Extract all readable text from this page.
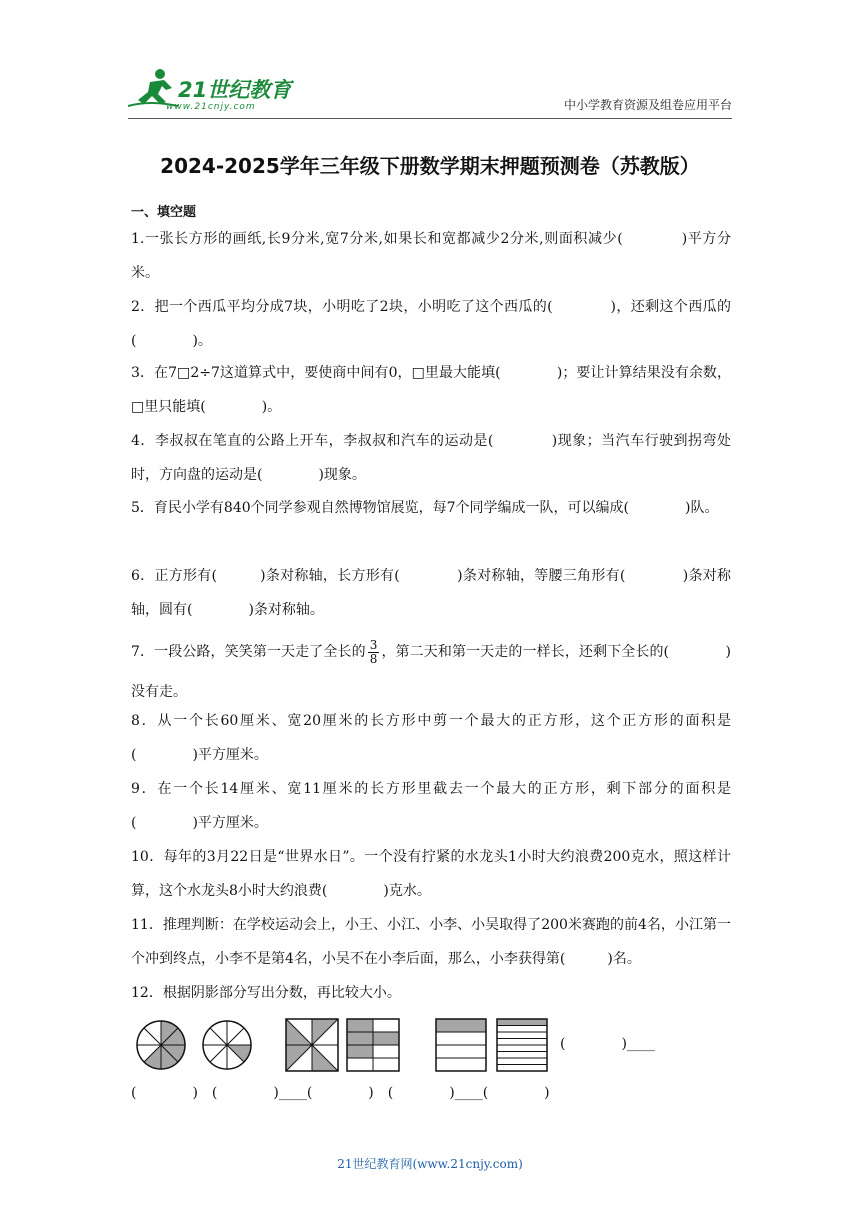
21世纪教育
www.21cnjy.com	中小学教育资源及组卷应用平台
2024-2025学年三年级下册数学期末押题预测卷（苏教版）
一、填空题
1.一张长方形的画纸,长9分米,宽7分米,如果长和宽都减少2分米,则面积减少(　　　　)平方分米。
2．把一个西瓜平均分成7块，小明吃了2块，小明吃了这个西瓜的(　　　　)，还剩这个西瓜的(　　　　)。
3．在7□2÷7这道算式中，要使商中间有0，□里最大能填(　　　　)；要让计算结果没有余数，□里只能填(　　　　)。
4．李叔叔在笔直的公路上开车，李叔叔和汽车的运动是(　　　　)现象；当汽车行驶到拐弯处时，方向盘的运动是(　　　　)现象。
5．育民小学有840个同学参观自然博物馆展览，每7个同学编成一队，可以编成(　　　　)队。
6．正方形有(　　　)条对称轴，长方形有(　　　　)条对称轴，等腰三角形有(　　　　)条对称轴，圆有(　　　　)条对称轴。
7．一段公路，笑笑第一天走了全长的 $\frac{3}{8}$ ，第二天和第一天走的一样长，还剩下全长的(　　　　)没有走。
8．从一个长60厘米、宽20厘米的长方形中剪一个最大的正方形，这个正方形的面积是(　　　　)平方厘米。
9．在一个长14厘米、宽11厘米的长方形里截去一个最大的正方形，剩下部分的面积是(　　　　)平方厘米。
10．每年的3月22日是“世界水日”。一个没有拧紧的水龙头1小时大约浪费200克水，照这样计算，这个水龙头8小时大约浪费(　　　　)克水。
11．推理判断：在学校运动会上，小王、小江、小李、小吴取得了200米赛跑的前4名，小江第一个冲到终点，小李不是第4名，小吴不在小李后面，那么，小李获得第(　　　)名。
12．根据阴影部分写出分数，再比较大小。
(　　　　)____
(　　　　)　(　　　　)____(　　　　)　(　　　　)____(　　　　)
21世纪教育网(www.21cnjy.com)
